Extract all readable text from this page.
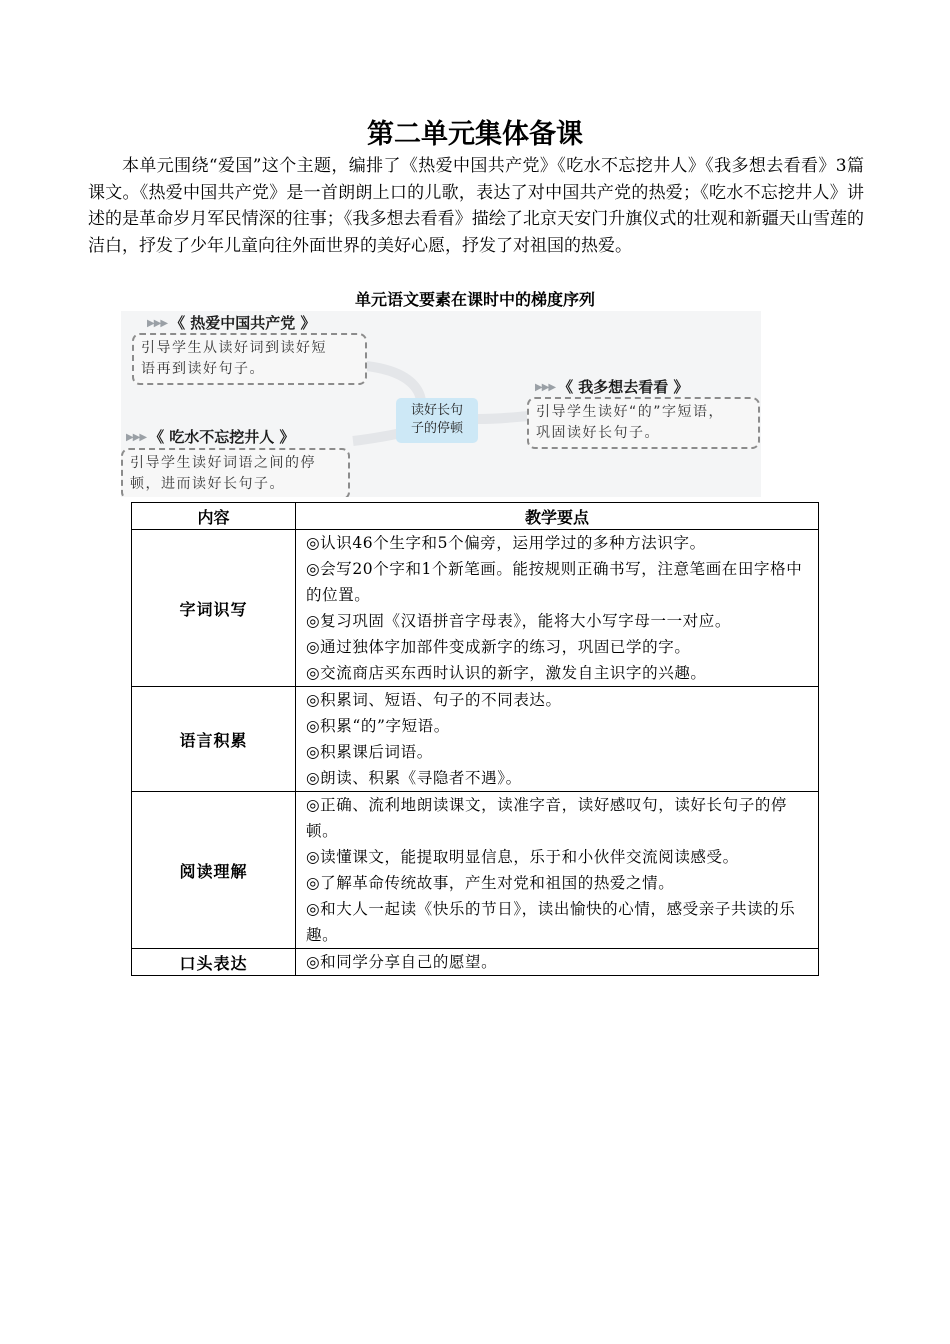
第二单元集体备课

本单元围绕“爱国”这个主题，编排了《热爱中国共产党》《吃水不忘挖井人》《我多想去看看》3篇课文。《热爱中国共产党》是一首朗朗上口的儿歌，表达了对中国共产党的热爱；《吃水不忘挖井人》讲述的是革命岁月军民情深的往事；《我多想去看看》描绘了北京天安门升旗仪式的壮观和新疆天山雪莲的洁白，抒发了少年儿童向往外面世界的美好心愿，抒发了对祖国的热爱。

单元语文要素在课时中的梯度序列
▶▶▶ 《 热爱中国共产党 》
引导学生从读好词到读好短
语再到读好句子。
▶▶▶ 《 吃水不忘挖井人 》
引导学生读好词语之间的停
顿，进而读好长句子。
读好长句
子的停顿
▶▶▶ 《 我多想去看看 》
引导学生读好“的”字短语，
巩固读好长句子。
内容	教学要点
字词识写	◎认识46个生字和5个偏旁，运用学过的多种方法识字。
◎会写20个字和1个新笔画。能按规则正确书写，注意笔画在田字格中的位置。
◎复习巩固《汉语拼音字母表》，能将大小写字母一一对应。
◎通过独体字加部件变成新字的练习，巩固已学的字。
◎交流商店买东西时认识的新字，激发自主识字的兴趣。

语言积累	◎积累词、短语、句子的不同表达。
◎积累“的”字短语。
◎积累课后词语。
◎朗读、积累《寻隐者不遇》。

阅读理解	◎正确、流利地朗读课文，读准字音，读好感叹句，读好长句子的停顿。
◎读懂课文，能提取明显信息，乐于和小伙伴交流阅读感受。
◎了解革命传统故事，产生对党和祖国的热爱之情。
◎和大人一起读《快乐的节日》，读出愉快的心情，感受亲子共读的乐趣。

口头表达	◎和同学分享自己的愿望。
